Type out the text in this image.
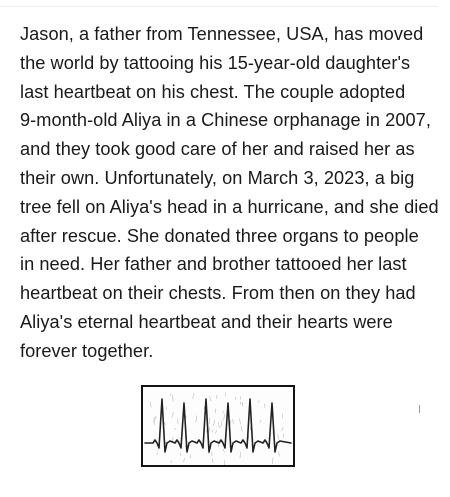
Jason, a father from Tennessee, USA, has moved
the world by tattooing his 15-year-old daughter's
last heartbeat on his chest. The couple adopted
9-month-old Aliya in a Chinese orphanage in 2007,
and they took good care of her and raised her as
their own. Unfortunately, on March 3, 2023, a big
tree fell on Aliya's head in a hurricane, and she died
after rescue. She donated three organs to people
in need. Her father and brother tattooed her last
heartbeat on their chests. From then on they had
Aliya's eternal heartbeat and their hearts were
forever together.
